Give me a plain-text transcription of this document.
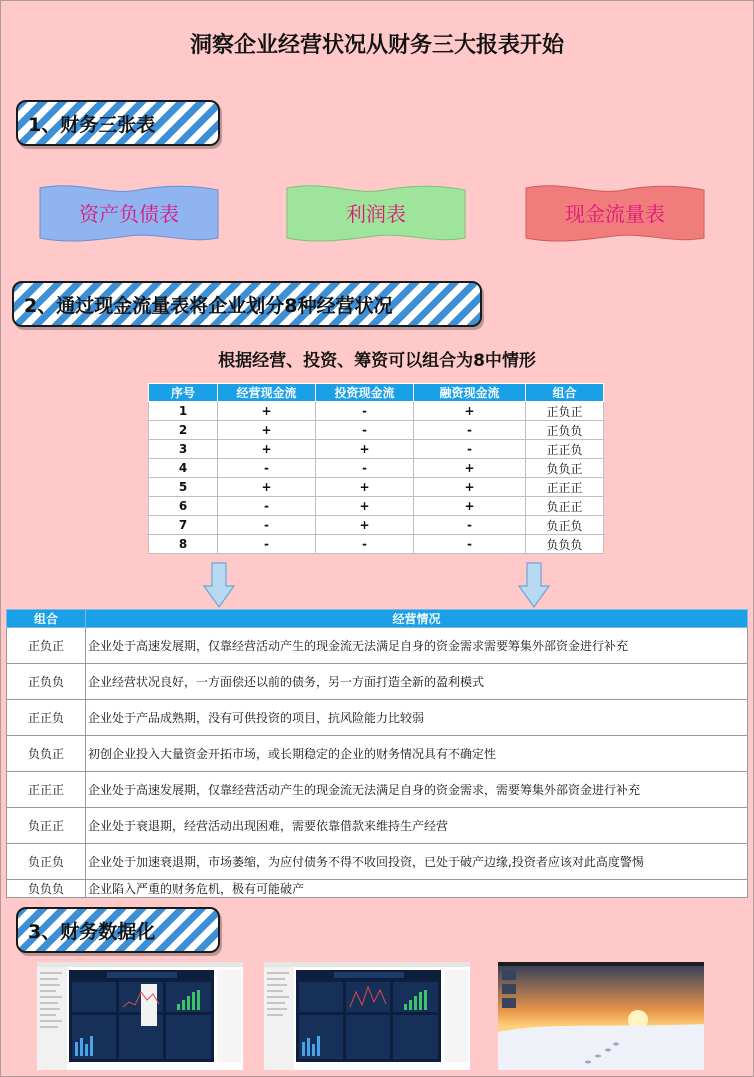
洞察企业经营状况从财务三大报表开始
1、财务三张表
资产负债表	利润表	现金流量表
2、通过现金流量表将企业划分8种经营状况
根据经营、投资、筹资可以组合为8中情形
序号	经营现金流	投资现金流	融资现金流	组合
1	+	-	+	正负正
2	+	-	-	正负负
3	+	+	-	正正负
4	-	-	+	负负正
5	+	+	+	正正正
6	-	+	+	负正正
7	-	+	-	负正负
8	-	-	-	负负负
组合	经营情况
正负正	企业处于高速发展期，仅靠经营活动产生的现金流无法满足自身的资金需求需要筹集外部资金进行补充
正负负	企业经营状况良好，一方面偿还以前的债务，另一方面打造全新的盈利模式
正正负	企业处于产品成熟期，没有可供投资的项目，抗风险能力比较弱
负负正	初创企业投入大量资金开拓市场，或长期稳定的企业的财务情况具有不确定性
正正正	企业处于高速发展期，仅靠经营活动产生的现金流无法满足自身的资金需求，需要筹集外部资金进行补充
负正正	企业处于衰退期，经营活动出现困难，需要依靠借款来维持生产经营
负正负	企业处于加速衰退期，市场萎缩，为应付债务不得不收回投资，已处于破产边缘,投资者应该对此高度警惕
负负负	企业陷入严重的财务危机，极有可能破产
3、财务数据化
